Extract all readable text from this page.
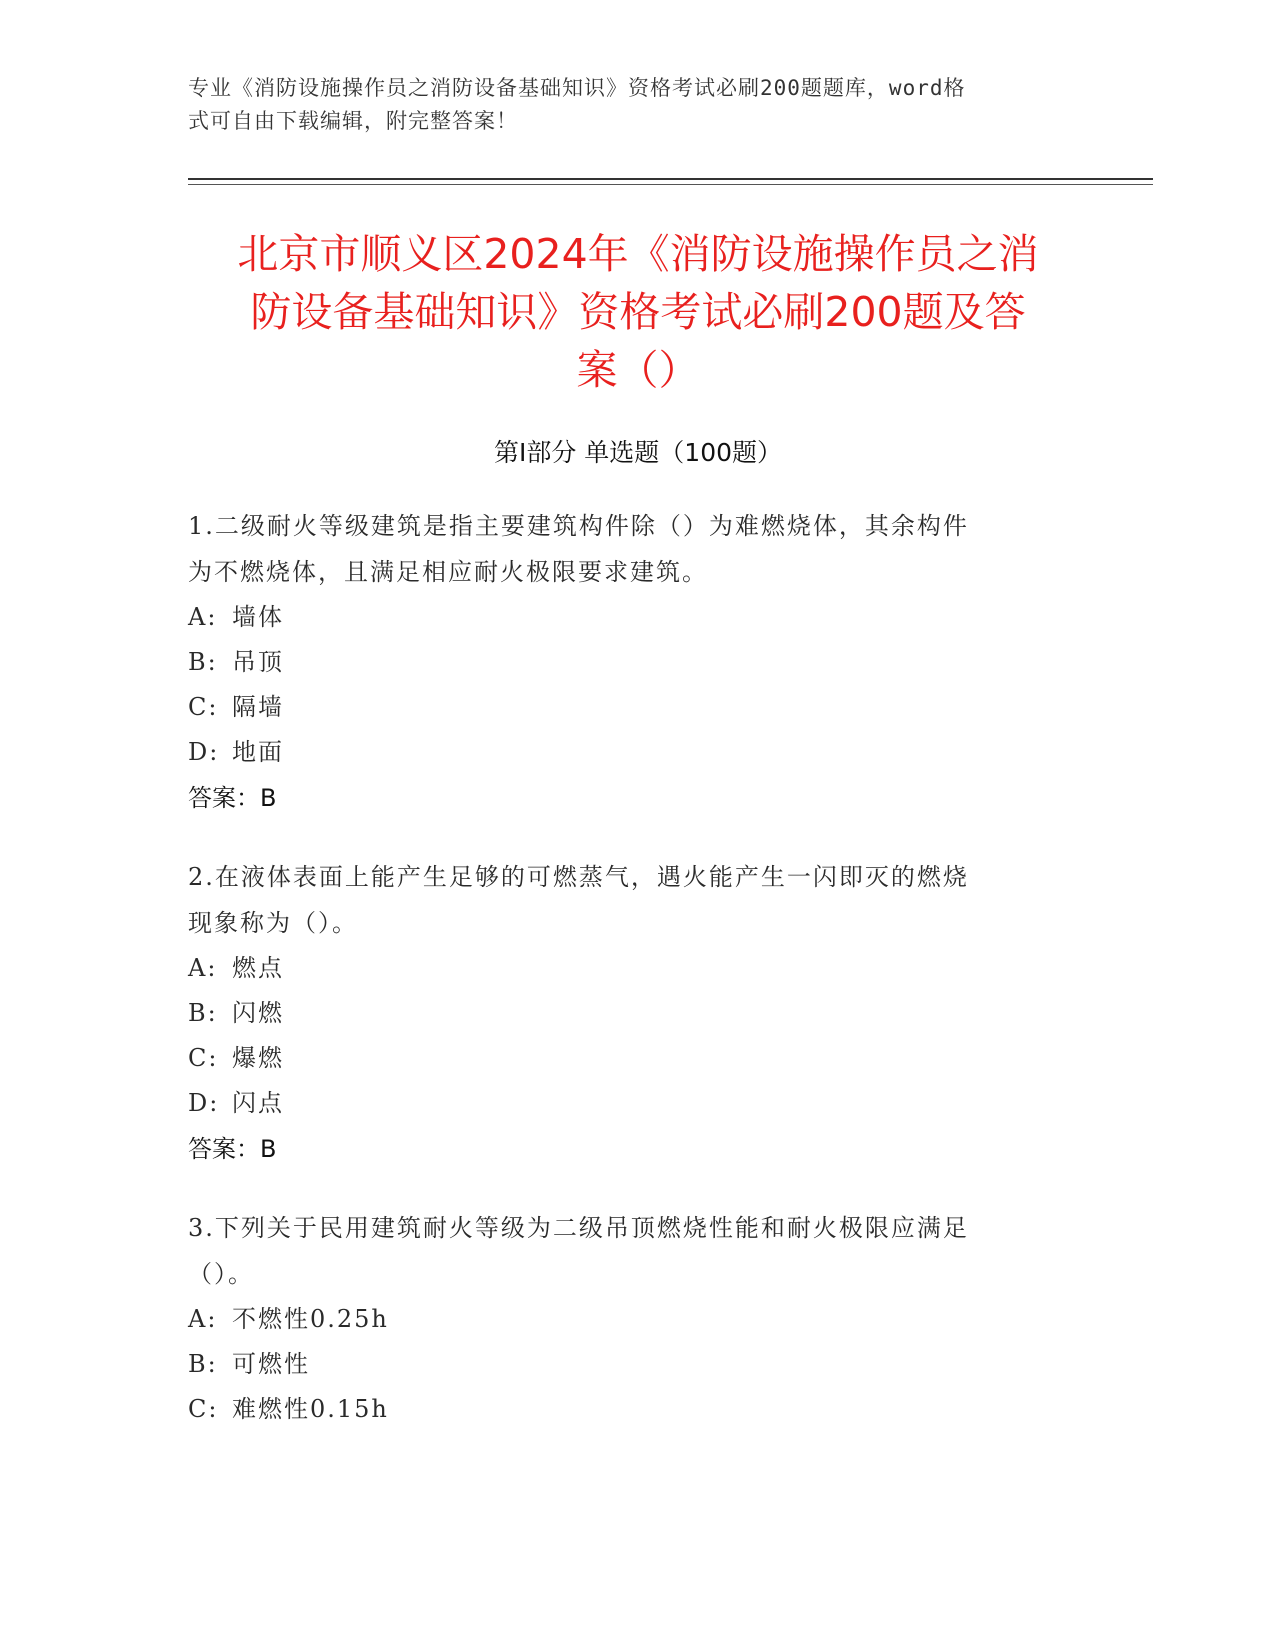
专业《消防设施操作员之消防设备基础知识》资格考试必刷200题题库，word格
式可自由下载编辑，附完整答案！
北京市顺义区2024年《消防设施操作员之消
防设备基础知识》资格考试必刷200题及答
案（）
第Ⅰ部分 单选题（100题）

1.二级耐火等级建筑是指主要建筑构件除（）为难燃烧体，其余构件
为不燃烧体，且满足相应耐火极限要求建筑。

A: 墙体

B: 吊顶

C: 隔墙

D: 地面

答案：B

2.在液体表面上能产生足够的可燃蒸气，遇火能产生一闪即灭的燃烧
现象称为（）。

A: 燃点

B: 闪燃

C: 爆燃

D: 闪点

答案：B

3.下列关于民用建筑耐火等级为二级吊顶燃烧性能和耐火极限应满足
（）。

A: 不燃性0.25h

B: 可燃性

C: 难燃性0.15h
